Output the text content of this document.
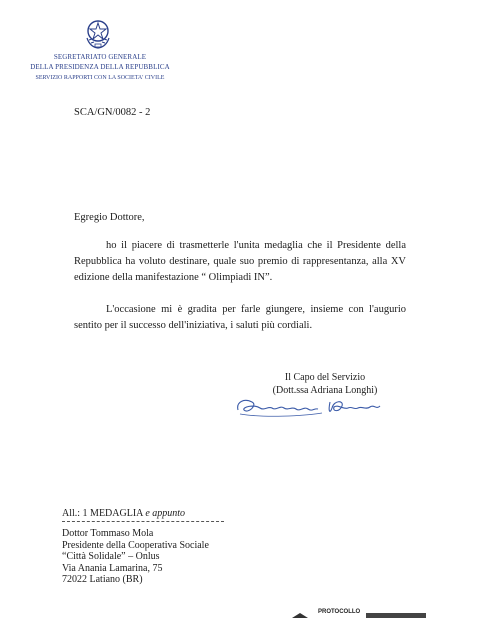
SEGRETARIATO GENERALE
DELLA PRESIDENZA DELLA REPUBBLICA
SERVIZIO RAPPORTI CON LA SOCIETA' CIVILE
SCA/GN/0082 - 2
Egregio Dottore,
ho il piacere di trasmetterle l'unita medaglia che il Presidente della Repubblica ha voluto destinare, quale suo premio di rappresentanza, alla XV edizione della manifestazione “ Olimpiadi IN”.
L'occasione mi è gradita per farle giungere, insieme con l'augurio sentito per il successo dell'iniziativa, i saluti più cordiali.
Il Capo del Servizio
(Dott.ssa Adriana Longhi)
All.: 1 MEDAGLIA e appunto
Dottor Tommaso Mola
Presidente della Cooperativa Sociale
“Città Solidale” – Onlus
Via Anania Lamarina, 75
72022 Latiano (BR)
PROTOCOLLO
